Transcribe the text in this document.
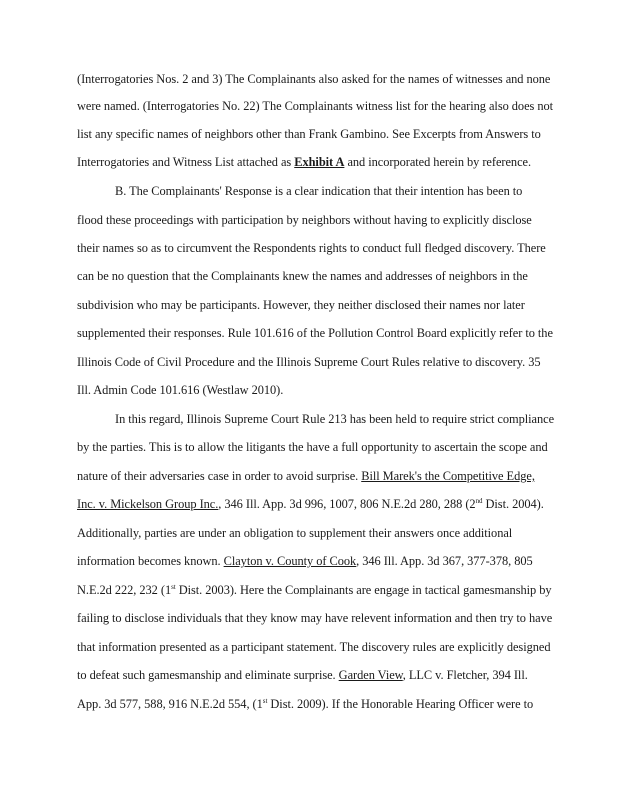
(Interrogatories Nos. 2 and 3) The Complainants also asked for the names of witnesses and none
were named. (Interrogatories No. 22) The Complainants witness list for the hearing also does not
list any specific names of neighbors other than Frank Gambino. See Excerpts from Answers to
Interrogatories and Witness List attached as Exhibit A and incorporated herein by reference.
B. The Complainants' Response is a clear indication that their intention has been to
flood these proceedings with participation by neighbors without having to explicitly disclose
their names so as to circumvent the Respondents rights to conduct full fledged discovery. There
can be no question that the Complainants knew the names and addresses of neighbors in the
subdivision who may be participants. However, they neither disclosed their names nor later
supplemented their responses. Rule 101.616 of the Pollution Control Board explicitly refer to the
Illinois Code of Civil Procedure and the Illinois Supreme Court Rules relative to discovery. 35
Ill. Admin Code 101.616 (Westlaw 2010).
In this regard, Illinois Supreme Court Rule 213 has been held to require strict compliance
by the parties. This is to allow the litigants the have a full opportunity to ascertain the scope and
nature of their adversaries case in order to avoid surprise. Bill Marek's the Competitive Edge,
Inc. v. Mickelson Group Inc., 346 Ill. App. 3d 996, 1007, 806 N.E.2d 280, 288 (2nd Dist. 2004).
Additionally, parties are under an obligation to supplement their answers once additional
information becomes known. Clayton v. County of Cook, 346 Ill. App. 3d 367, 377-378, 805
N.E.2d 222, 232 (1st Dist. 2003). Here the Complainants are engage in tactical gamesmanship by
failing to disclose individuals that they know may have relevent information and then try to have
that information presented as a participant statement. The discovery rules are explicitly designed
to defeat such gamesmanship and eliminate surprise. Garden View, LLC v. Fletcher, 394 Ill.
App. 3d 577, 588, 916 N.E.2d 554, (1st Dist. 2009). If the Honorable Hearing Officer were to
